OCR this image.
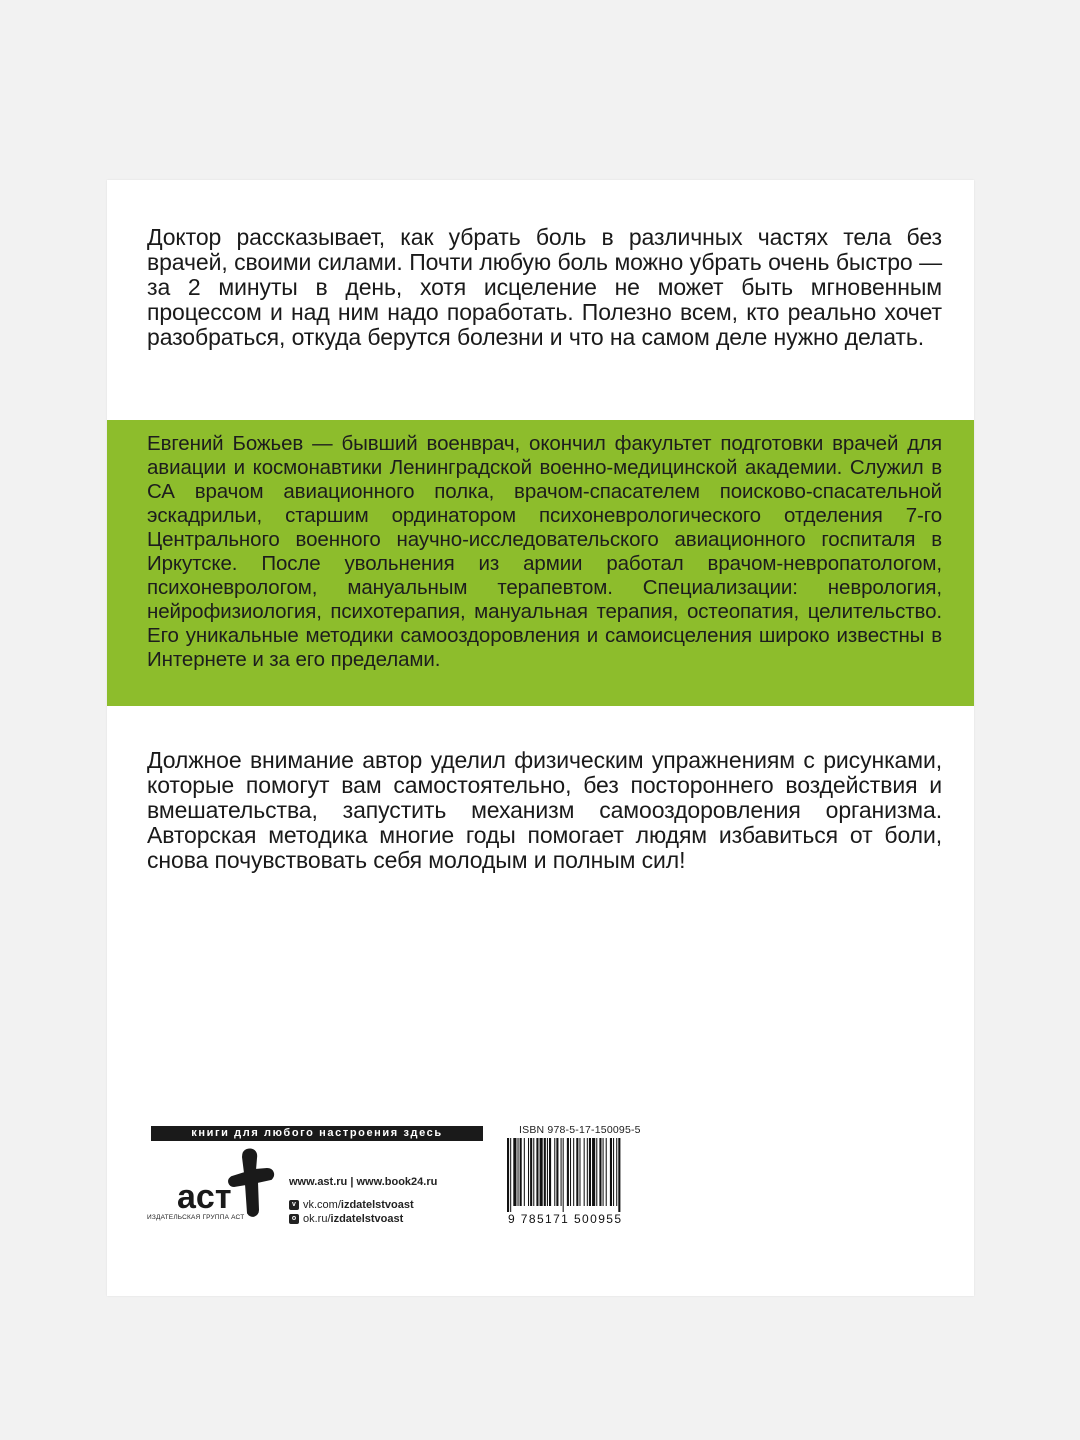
Доктор рассказывает, как убрать боль в различных частях тела без врачей, своими силами. Почти любую боль можно убрать очень быстро — за 2 минуты в день, хотя исцеление не может быть мгновенным процессом и над ним надо поработать. Полезно всем, кто реально хочет разобраться, откуда берутся болезни и что на самом деле нужно делать.

Евгений Божьев — бывший военврач, окончил факультет подготовки врачей для авиации и космонавтики Ленинградской военно-медицинской академии. Служил в СА врачом авиационного полка, врачом-спасателем поисково-спасательной эскадрильи, старшим ординатором психоневрологического отделения 7-го Центрального военного научно-исследовательского авиационного госпиталя в Иркутске. После увольнения из армии работал врачом-невропатологом, психоневрологом, мануальным терапевтом. Специализации: неврология, нейрофизиология, психотерапия, мануальная терапия, остеопатия, целительство. Его уникальные методики самооздоровления и самоисцеления широко известны в Интернете и за его пределами.

Должное внимание автор уделил физическим упражнениям с рисунками, которые помогут вам самостоятельно, без постороннeго воздействия и вмешательства, запустить механизм самооздоровления организма. Авторская методика многие годы помогает людям избавиться от боли, снова почувствовать себя молодым и полным сил!

книги для любого настроения здесь
аст
ИЗДАТЕЛЬСКАЯ ГРУППА АСТ
www.ast.ru | www.book24.ru
v vk.com/izdatelstvoast
o ok.ru/izdatelstvoast
ISBN 978-5-17-150095-5
9 785171 500955
